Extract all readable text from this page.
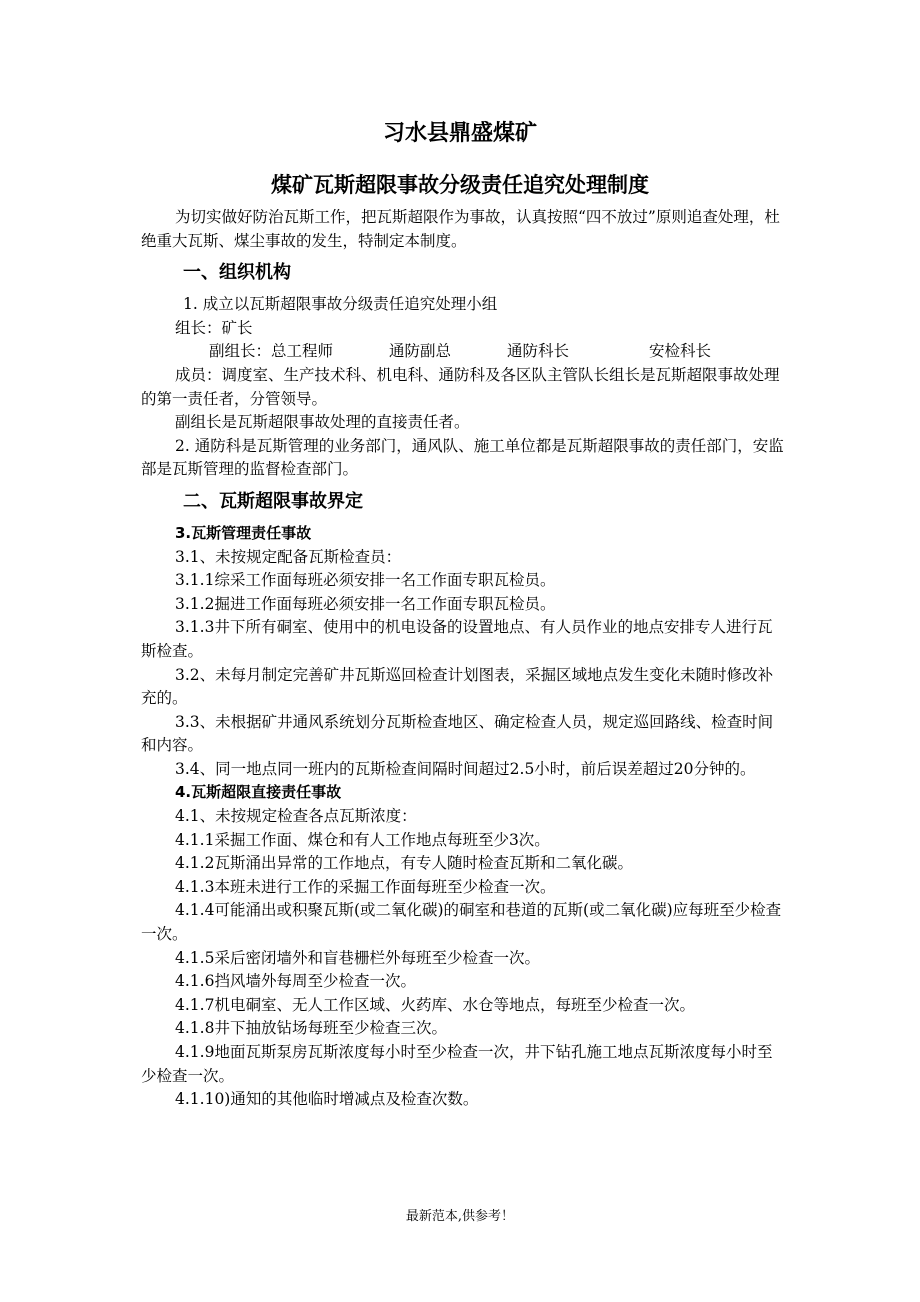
习水县鼎盛煤矿
煤矿瓦斯超限事故分级责任追究处理制度

为切实做好防治瓦斯工作，把瓦斯超限作为事故，认真按照“四不放过”原则追查处理，杜绝重大瓦斯、煤尘事故的发生，特制定本制度。

一、组织机构

1. 成立以瓦斯超限事故分级责任追究处理小组

组长：矿长

副组长：总工程师	通防副总	通防科长	安检科长

成员：调度室、生产技术科、机电科、通防科及各区队主管队长组长是瓦斯超限事故处理的第一责任者，分管领导。

副组长是瓦斯超限事故处理的直接责任者。

2. 通防科是瓦斯管理的业务部门，通风队、施工单位都是瓦斯超限事故的责任部门，安监部是瓦斯管理的监督检查部门。

二、瓦斯超限事故界定

3.瓦斯管理责任事故

3.1、未按规定配备瓦斯检查员：

3.1.1综采工作面每班必须安排一名工作面专职瓦检员。

3.1.2掘进工作面每班必须安排一名工作面专职瓦检员。

3.1.3井下所有硐室、使用中的机电设备的设置地点、有人员作业的地点安排专人进行瓦斯检查。

3.2、未每月制定完善矿井瓦斯巡回检查计划图表，采掘区域地点发生变化未随时修改补充的。

3.3、未根据矿井通风系统划分瓦斯检查地区、确定检查人员，规定巡回路线、检查时间和内容。

3.4、同一地点同一班内的瓦斯检查间隔时间超过2.5小时，前后误差超过20分钟的。

4.瓦斯超限直接责任事故

4.1、未按规定检查各点瓦斯浓度：

4.1.1采掘工作面、煤仓和有人工作地点每班至少3次。

4.1.2瓦斯涌出异常的工作地点，有专人随时检查瓦斯和二氧化碳。

4.1.3本班未进行工作的采掘工作面每班至少检查一次。

4.1.4可能涌出或积聚瓦斯(或二氧化碳)的硐室和巷道的瓦斯(或二氧化碳)应每班至少检查一次。

4.1.5采后密闭墙外和盲巷栅栏外每班至少检查一次。

4.1.6挡风墙外每周至少检查一次。

4.1.7机电硐室、无人工作区域、火药库、水仓等地点，每班至少检查一次。

4.1.8井下抽放钻场每班至少检查三次。

4.1.9地面瓦斯泵房瓦斯浓度每小时至少检查一次，井下钻孔施工地点瓦斯浓度每小时至少检查一次。

4.1.10)通知的其他临时增减点及检查次数。

最新范本,供参考！
